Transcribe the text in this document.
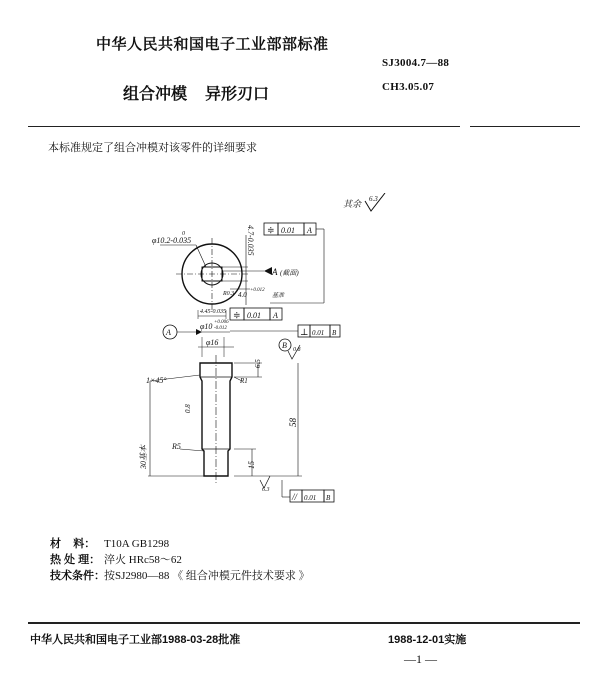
中华人民共和国电子工业部部标准
SJ3004.7—88
CH3.05.07
组合冲模 异形刃口
本标准规定了组合冲模对该零件的详细要求
其余 6.3
φ10.2-0.035
0	4.7-0.035 ≑ 0.01 A
A (截面)
R0.3 4.0
+0.012
基准
4.45-0.035 ≑ 0.01 A
A
φ10 +0.006
-0.012	⊥ 0.01 B
B 0.8
φ16
1×45°	R1
6.5
58
0.8
R5
30基本	15
6.3
// 0.01 B
材    料： T10A GB1298
热 处 理： 淬火 HRc58～62
技术条件： 按SJ2980—88 《 组合冲模元件技术要求 》
中华人民共和国电子工业部1988-03-28批准	1988-12-01实施
—1 —
